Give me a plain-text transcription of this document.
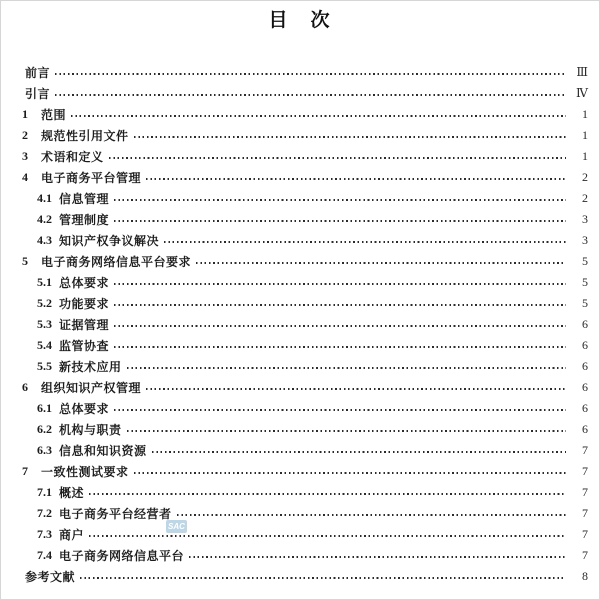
目　次
SAC
前言	Ⅲ
引言	Ⅳ
1	范围	1
2	规范性引用文件	1
3	术语和定义	1
4	电子商务平台管理	2
4.1 信息管理	2
4.2 管理制度	3
4.3 知识产权争议解决	3
5	电子商务网络信息平台要求	5
5.1 总体要求	5
5.2 功能要求	5
5.3 证据管理	6
5.4 监管协查	6
5.5 新技术应用	6
6	组织知识产权管理	6
6.1 总体要求	6
6.2 机构与职责	6
6.3 信息和知识资源	7
7	一致性测试要求	7
7.1 概述	7
7.2 电子商务平台经营者	7
7.3 商户	7
7.4 电子商务网络信息平台	7
参考文献	8
